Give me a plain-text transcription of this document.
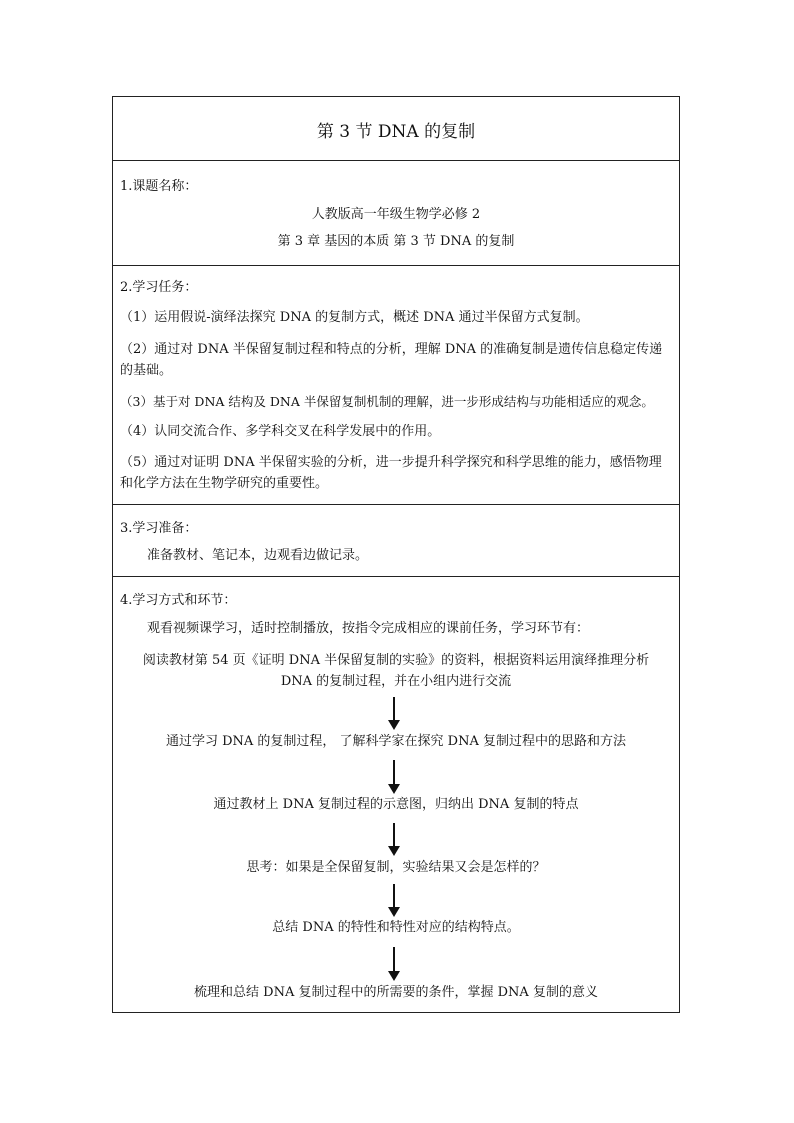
第 3 节 DNA 的复制
1.课题名称：
人教版高一年级生物学必修 2
第 3 章 基因的本质 第 3 节 DNA 的复制
2.学习任务：
（1）运用假说-演绎法探究 DNA 的复制方式，概述 DNA 通过半保留方式复制。
（2）通过对 DNA 半保留复制过程和特点的分析，理解 DNA 的准确复制是遗传信息稳定传递的基础。
（3）基于对 DNA 结构及 DNA 半保留复制机制的理解，进一步形成结构与功能相适应的观念。
（4）认同交流合作、多学科交叉在科学发展中的作用。
（5）通过对证明 DNA 半保留实验的分析，进一步提升科学探究和科学思维的能力，感悟物理和化学方法在生物学研究的重要性。
3.学习准备：
准备教材、笔记本，边观看边做记录。
4.学习方式和环节：
观看视频课学习，适时控制播放，按指令完成相应的课前任务，学习环节有：
阅读教材第 54 页《证明 DNA 半保留复制的实验》的资料，根据资料运用演绎推理分析 DNA 的复制过程，并在小组内进行交流
通过学习 DNA 的复制过程， 了解科学家在探究 DNA 复制过程中的思路和方法
通过教材上 DNA 复制过程的示意图，归纳出 DNA 复制的特点
思考：如果是全保留复制，实验结果又会是怎样的？
总结 DNA 的特性和特性对应的结构特点。
梳理和总结 DNA 复制过程中的所需要的条件，掌握 DNA 复制的意义
